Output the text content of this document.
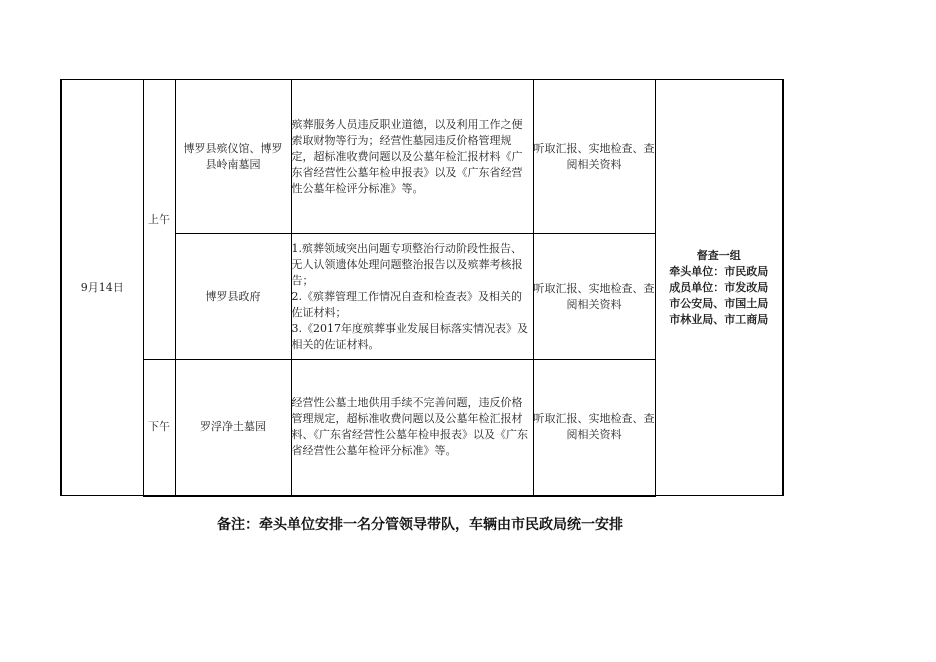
9月14日	上午	博罗县殡仪馆、博罗县岭南墓园	殡葬服务人员违反职业道德，以及利用工作之便索取财物等行为；经营性墓园违反价格管理规定，超标准收费问题以及公墓年检汇报材料《广东省经营性公墓年检申报表》以及《广东省经营性公墓年检评分标准》等。	听取汇报、实地检查、查阅相关资料	督查一组
牵头单位：市民政局
成员单位：市发改局
市公安局、市国土局
市林业局、市工商局

		博罗县政府	1.殡葬领域突出问题专项整治行动阶段性报告、无人认领遗体处理问题整治报告以及殡葬考核报告；
2.《殡葬管理工作情况自查和检查表》及相关的佐证材料；
3.《2017年度殡葬事业发展目标落实情况表》及相关的佐证材料。	听取汇报、实地检查、查阅相关资料	
	下午	罗浮净土墓园	经营性公墓土地供用手续不完善问题，违反价格管理规定，超标准收费问题以及公墓年检汇报材料、《广东省经营性公墓年检申报表》以及《广东省经营性公墓年检评分标准》等。	听取汇报、实地检查、查阅相关资料	
备注：牵头单位安排一名分管领导带队，车辆由市民政局统一安排
